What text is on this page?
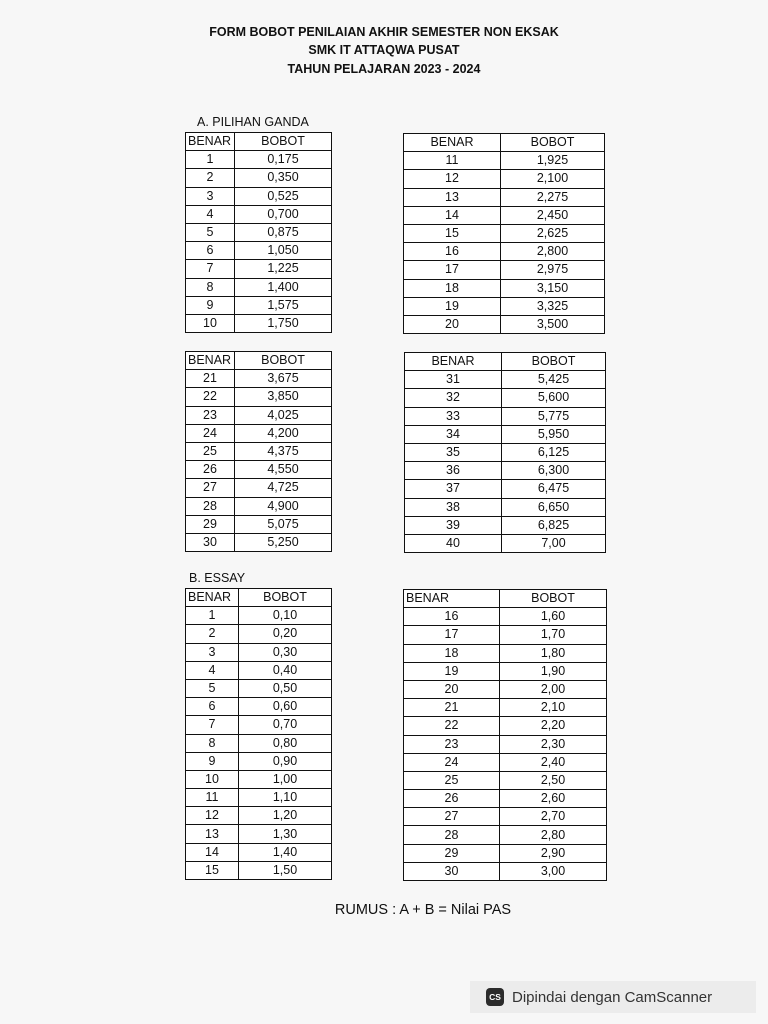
FORM BOBOT PENILAIAN AKHIR SEMESTER NON EKSAK
SMK IT ATTAQWA PUSAT
TAHUN PELAJARAN 2023 - 2024
A. PILIHAN GANDA
BENAR	BOBOT
1	0,175
2	0,350
3	0,525
4	0,700
5	0,875
6	1,050
7	1,225
8	1,400
9	1,575
10	1,750
BENAR	BOBOT
11	1,925
12	2,100
13	2,275
14	2,450
15	2,625
16	2,800
17	2,975
18	3,150
19	3,325
20	3,500
BENAR	BOBOT
21	3,675
22	3,850
23	4,025
24	4,200
25	4,375
26	4,550
27	4,725
28	4,900
29	5,075
30	5,250
BENAR	BOBOT
31	5,425
32	5,600
33	5,775
34	5,950
35	6,125
36	6,300
37	6,475
38	6,650
39	6,825
40	7,00
B. ESSAY
BENAR	BOBOT
1	0,10
2	0,20
3	0,30
4	0,40
5	0,50
6	0,60
7	0,70
8	0,80
9	0,90
10	1,00
11	1,10
12	1,20
13	1,30
14	1,40
15	1,50
BENAR	BOBOT
16	1,60
17	1,70
18	1,80
19	1,90
20	2,00
21	2,10
22	2,20
23	2,30
24	2,40
25	2,50
26	2,60
27	2,70
28	2,80
29	2,90
30	3,00
RUMUS : A + B = Nilai PAS
CS Dipindai dengan CamScanner
